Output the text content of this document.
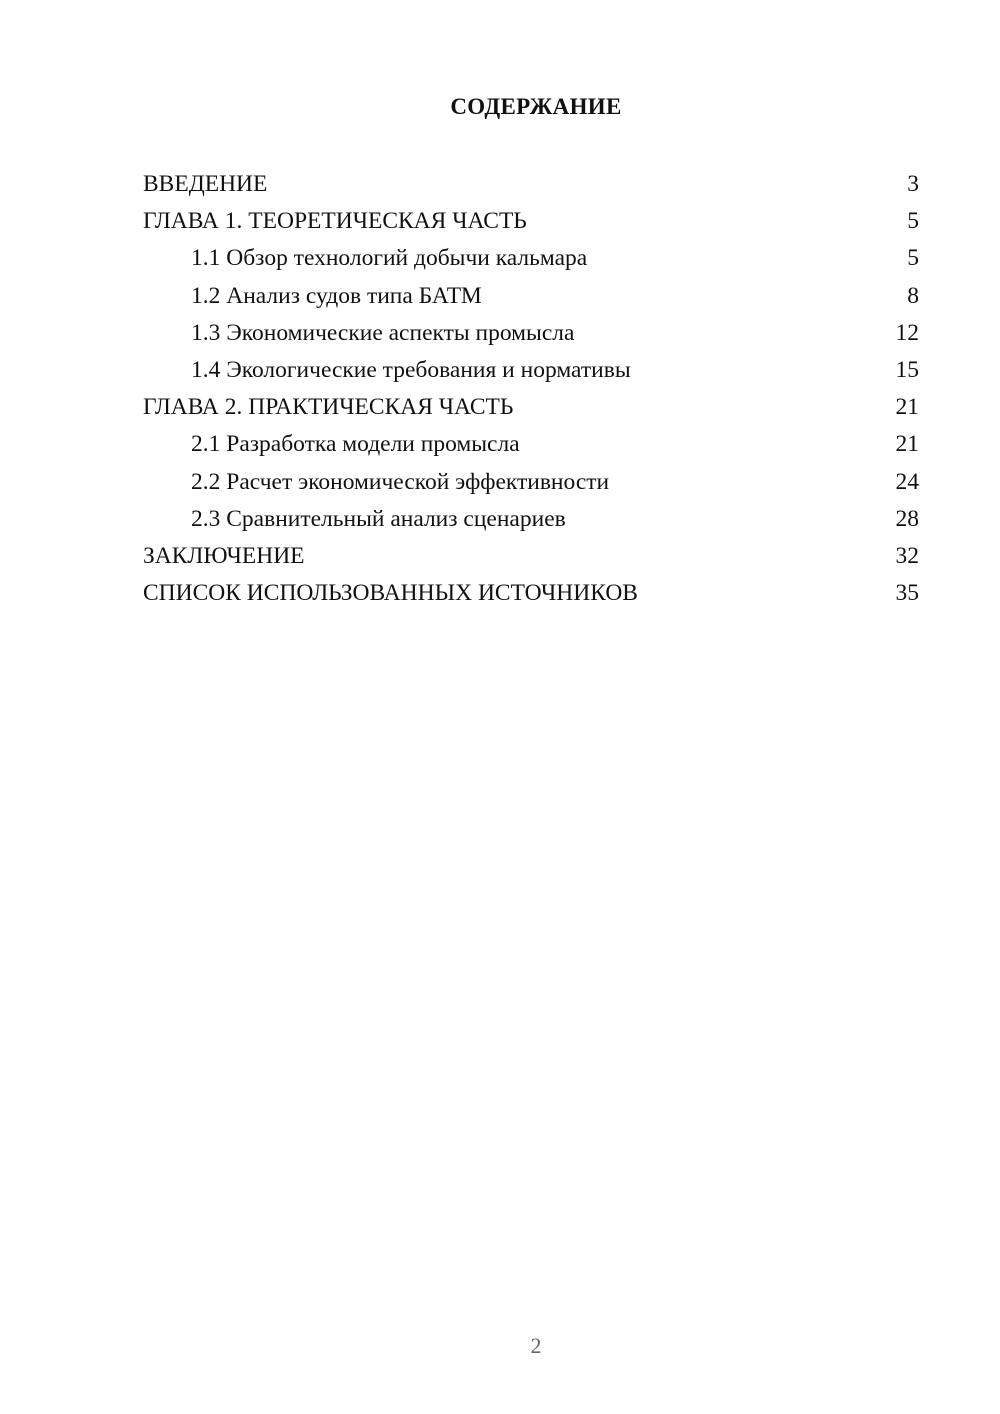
СОДЕРЖАНИЕ
ВВЕДЕНИЕ	3
ГЛАВА 1. ТЕОРЕТИЧЕСКАЯ ЧАСТЬ	5
1.1 Обзор технологий добычи кальмара	5
1.2 Анализ судов типа БАТМ	8
1.3 Экономические аспекты промысла	12
1.4 Экологические требования и нормативы	15
ГЛАВА 2. ПРАКТИЧЕСКАЯ ЧАСТЬ	21
2.1 Разработка модели промысла	21
2.2 Расчет экономической эффективности	24
2.3 Сравнительный анализ сценариев	28
ЗАКЛЮЧЕНИЕ	32
СПИСОК ИСПОЛЬЗОВАННЫХ ИСТОЧНИКОВ	35
2
